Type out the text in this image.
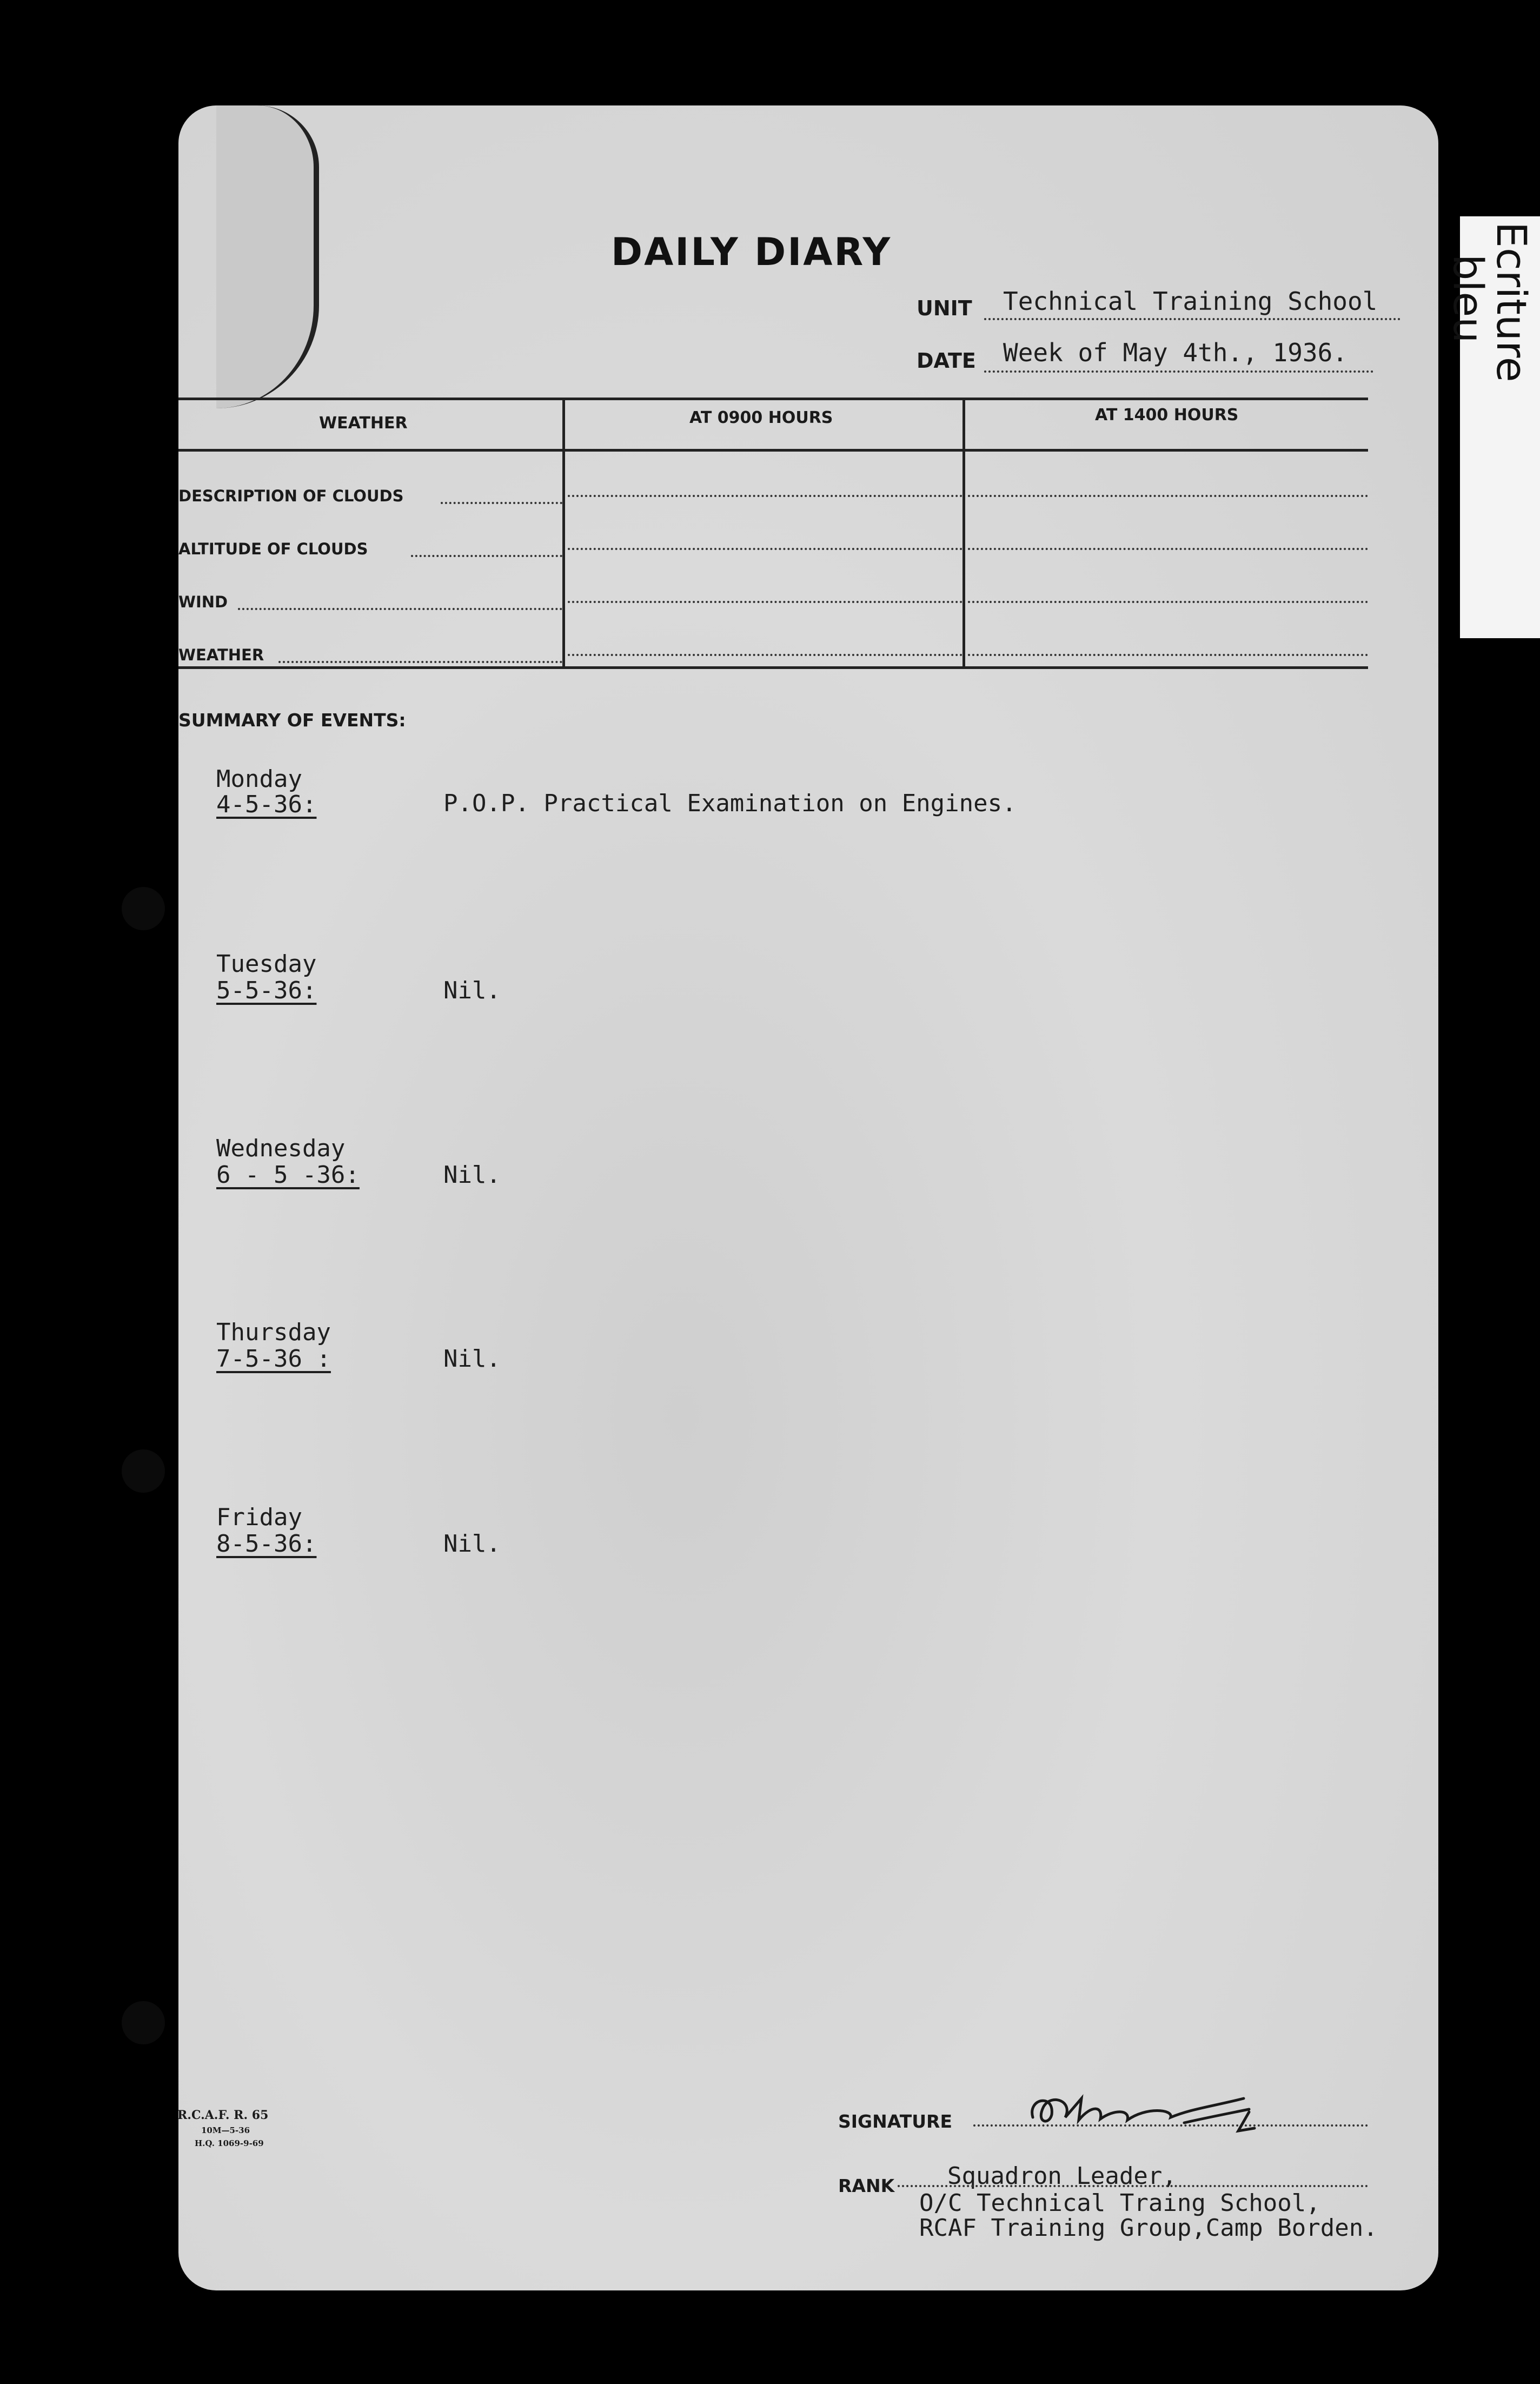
Ecriture
bleu
DAILY DIARY
UNIT Technical Training School
DATE Week of May 4th., 1936.
WEATHER	AT 0900 HOURS	AT 1400 HOURS
DESCRIPTION OF CLOUDS
ALTITUDE OF CLOUDS
WIND
WEATHER
SUMMARY OF EVENTS:
Monday
4-5-36:	P.O.P. Practical Examination on Engines.
Tuesday
5-5-36:	Nil.
Wednesday
6 - 5 -36:	Nil.
Thursday
7-5-36 :	Nil.
Friday
8-5-36:	Nil.
R.C.A.F. R. 65
10M—5-36
H.Q. 1069-9-69
SIGNATURE
RANK Squadron Leader,
O/C Technical Traing School,
RCAF Training Group,Camp Borden.
